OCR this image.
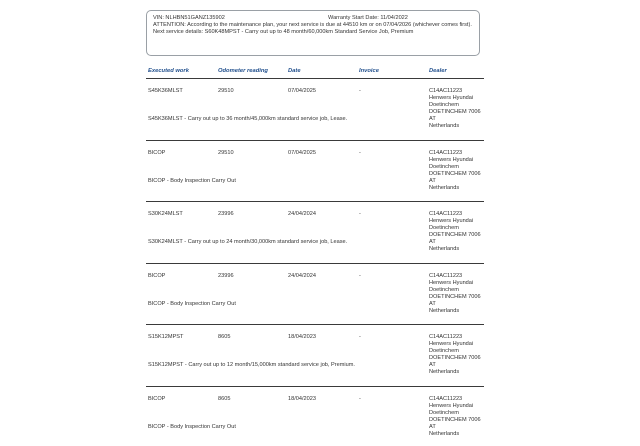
VIN: NLHBN51GANZ135902	Warranty Start Date: 11/04/2022
ATTENTION: According to the maintenance plan, your next service is due at 44510 km or on 07/04/2026 (whichever comes first).
Next service details: S60K48MPST - Carry out up to 48 month/60,000km Standard Service Job, Premium
Executed work	Odometer reading	Date	Invoice	Dealer
S45K36MLST	29510	07/04/2025	-	C14AC11223
Henwers Hyundai
Doetinchem
DOETINCHEM 7006
AT
Netherlands
S45K36MLST - Carry out up to 36 month/45,000km standard service job, Lease.
BICOP	29510	07/04/2025	-	C14AC11223
Henwers Hyundai
Doetinchem
DOETINCHEM 7006
AT
Netherlands
BICOP - Body Inspection Carry Out
S30K24MLST	23996	24/04/2024	-	C14AC11223
Henwers Hyundai
Doetinchem
DOETINCHEM 7006
AT
Netherlands
S30K24MLST - Carry out up to 24 month/30,000km standard service job, Lease.
BICOP	23996	24/04/2024	-	C14AC11223
Henwers Hyundai
Doetinchem
DOETINCHEM 7006
AT
Netherlands
BICOP - Body Inspection Carry Out
S15K12MPST	8605	18/04/2023	-	C14AC11223
Henwers Hyundai
Doetinchem
DOETINCHEM 7006
AT
Netherlands
S15K12MPST - Carry out up to 12 month/15,000km standard service job, Premium.
BICOP	8605	18/04/2023	-	C14AC11223
Henwers Hyundai
Doetinchem
DOETINCHEM 7006
AT
Netherlands
BICOP - Body Inspection Carry Out
